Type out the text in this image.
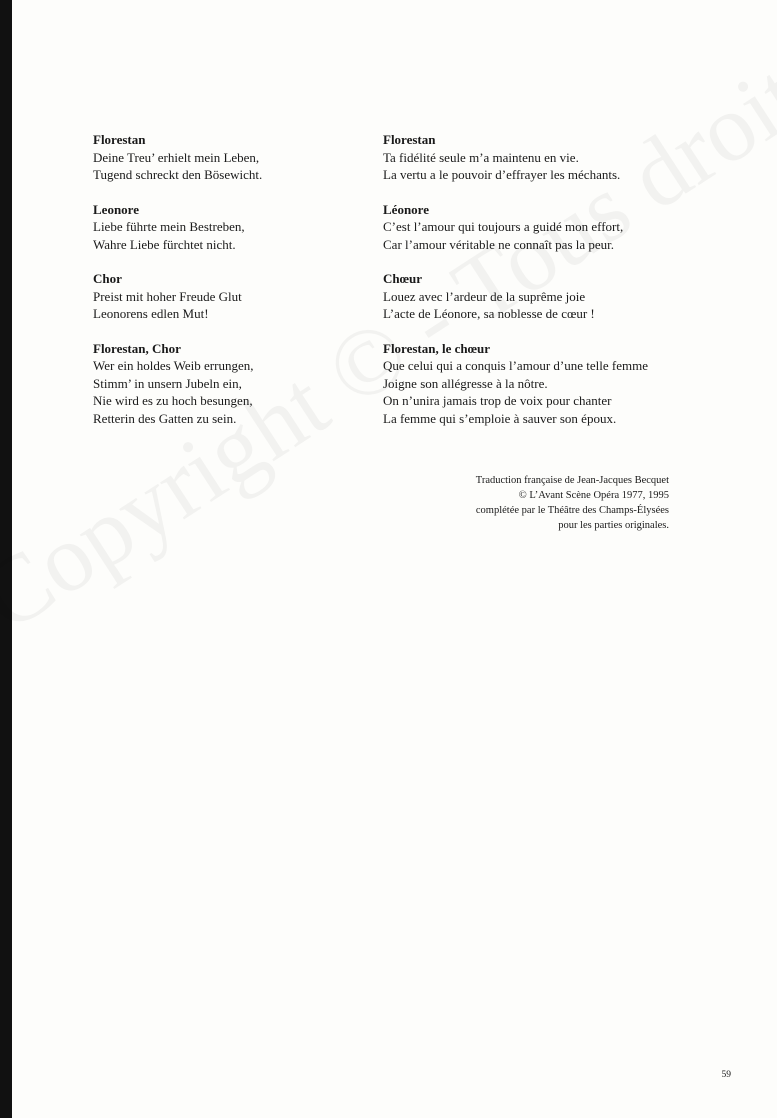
Florestan
Deine Treu’ erhielt mein Leben,
Tugend schreckt den Bösewicht.
Leonore
Liebe führte mein Bestreben,
Wahre Liebe fürchtet nicht.
Chor
Preist mit hoher Freude Glut
Leonorens edlen Mut!
Florestan, Chor
Wer ein holdes Weib errungen,
Stimm’ in unsern Jubeln ein,
Nie wird es zu hoch besungen,
Retterin des Gatten zu sein.
Florestan
Ta fidélité seule m’a maintenu en vie.
La vertu a le pouvoir d’effrayer les méchants.
Léonore
C’est l’amour qui toujours a guidé mon effort,
Car l’amour véritable ne connaît pas la peur.
Chœur
Louez avec l’ardeur de la suprême joie
L’acte de Léonore, sa noblesse de cœur !
Florestan, le chœur
Que celui qui a conquis l’amour d’une telle femme
Joigne son allégresse à la nôtre.
On n’unira jamais trop de voix pour chanter
La femme qui s’emploie à sauver son époux.
Traduction française de Jean-Jacques Becquet
© L’Avant Scène Opéra 1977, 1995
complétée par le Théâtre des Champs-Élysées
pour les parties originales.
59
